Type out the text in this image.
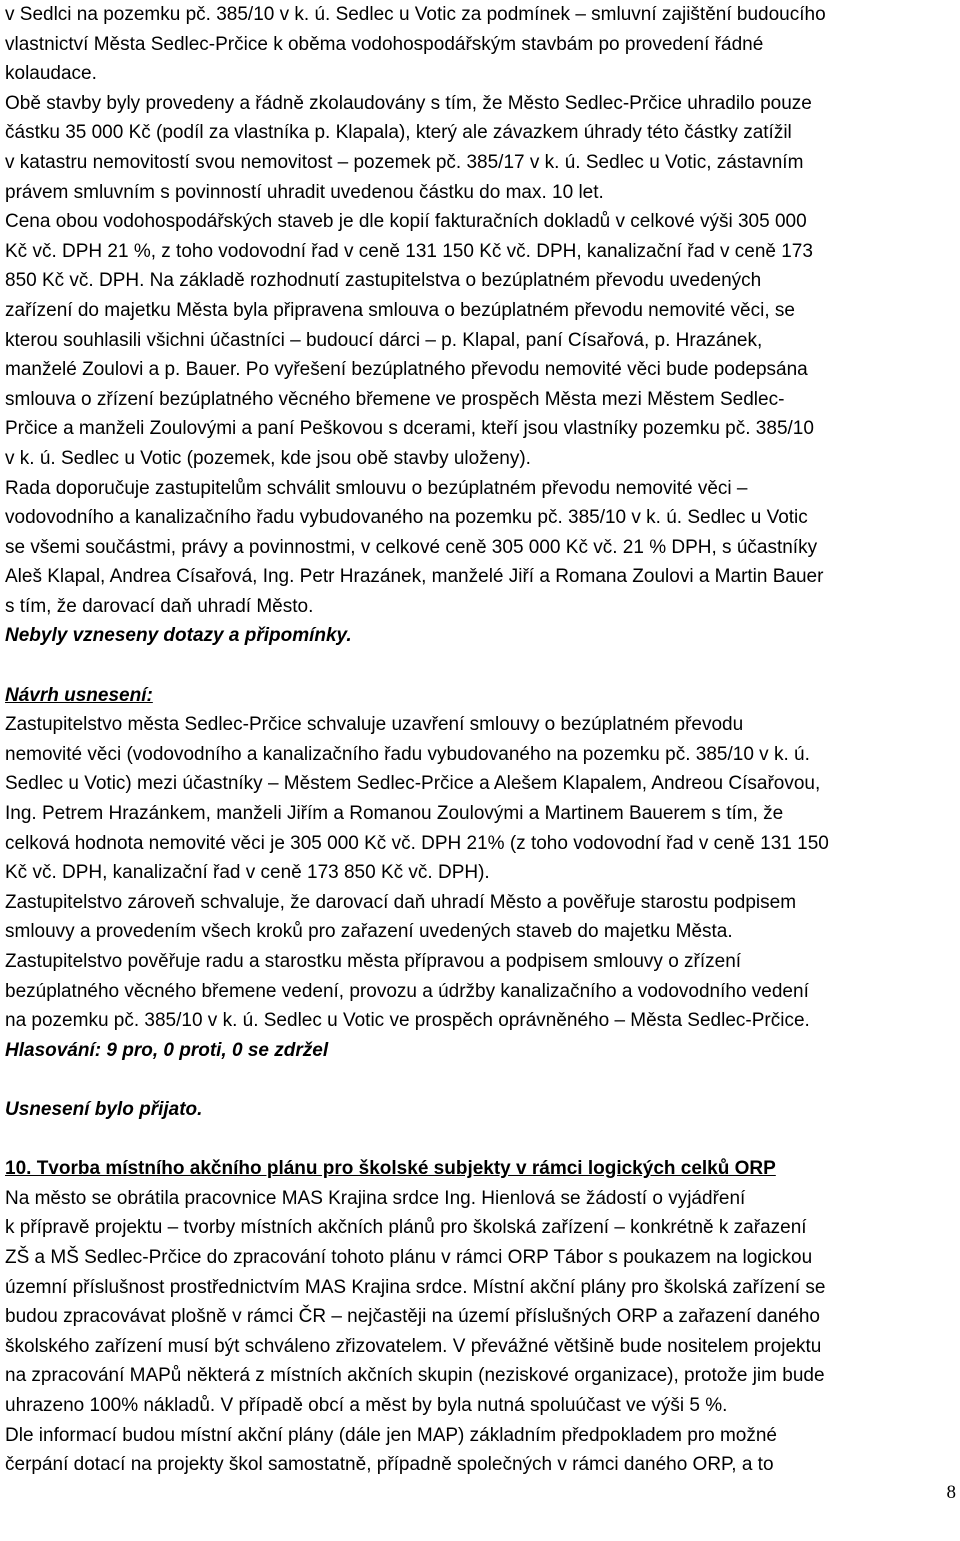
v Sedlci na pozemku pč. 385/10 v k. ú. Sedlec u Votic za podmínek – smluvní zajištění budoucího

vlastnictví Města Sedlec-Prčice k oběma vodohospodářským stavbám po provedení řádné

kolaudace.

Obě stavby byly provedeny a řádně zkolaudovány s tím, že Město Sedlec-Prčice uhradilo pouze

částku 35 000 Kč (podíl za vlastníka p. Klapala), který ale závazkem úhrady této částky zatížil

v katastru nemovitostí svou nemovitost – pozemek pč. 385/17 v k. ú. Sedlec u Votic, zástavním

právem smluvním s povinností uhradit uvedenou částku do max. 10 let.

Cena obou vodohospodářských staveb je dle kopií fakturačních dokladů v celkové výši 305 000

Kč vč. DPH 21 %, z toho vodovodní řad v ceně 131 150 Kč vč. DPH, kanalizační řad v ceně 173

850 Kč vč. DPH. Na základě rozhodnutí zastupitelstva o bezúplatném převodu uvedených

zařízení do majetku Města byla připravena smlouva o bezúplatném převodu nemovité věci, se

kterou souhlasili všichni účastníci – budoucí dárci – p. Klapal, paní Císařová, p. Hrazánek,

manželé Zoulovi a p. Bauer. Po vyřešení bezúplatného převodu nemovité věci bude podepsána

smlouva o zřízení bezúplatného věcného břemene ve prospěch Města mezi Městem Sedlec-

Prčice a manželi Zoulovými a paní Peškovou s dcerami, kteří jsou vlastníky pozemku pč. 385/10

v k. ú. Sedlec u Votic (pozemek, kde jsou obě stavby uloženy).

Rada doporučuje zastupitelům schválit smlouvu o bezúplatném převodu nemovité věci –

vodovodního a kanalizačního řadu vybudovaného na pozemku pč. 385/10 v k. ú. Sedlec u Votic

se všemi součástmi, právy a povinnostmi, v celkové ceně 305 000 Kč vč. 21 % DPH, s účastníky

Aleš Klapal, Andrea Císařová, Ing. Petr Hrazánek, manželé Jiří a Romana Zoulovi a Martin Bauer

s tím, že darovací daň uhradí Město.

Nebyly vzneseny dotazy a připomínky.

Návrh usnesení:

Zastupitelstvo města Sedlec-Prčice schvaluje uzavření smlouvy o bezúplatném převodu

nemovité věci (vodovodního a kanalizačního řadu vybudovaného na pozemku pč. 385/10 v k. ú.

Sedlec u Votic) mezi účastníky – Městem Sedlec-Prčice a Alešem Klapalem, Andreou Císařovou,

Ing. Petrem Hrazánkem, manželi Jiřím a Romanou Zoulovými a Martinem Bauerem s tím, že

celková hodnota nemovité věci je 305 000 Kč vč. DPH 21% (z toho vodovodní řad v ceně 131 150

Kč vč. DPH, kanalizační řad v ceně 173 850 Kč vč. DPH).

Zastupitelstvo zároveň schvaluje, že darovací daň uhradí Město a pověřuje starostu podpisem

smlouvy a provedením všech kroků pro zařazení uvedených staveb do majetku Města.

Zastupitelstvo pověřuje radu a starostku města přípravou a podpisem smlouvy o zřízení

bezúplatného věcného břemene vedení, provozu a údržby kanalizačního a vodovodního vedení

na pozemku pč. 385/10 v k. ú. Sedlec u Votic ve prospěch oprávněného – Města Sedlec-Prčice.

Hlasování: 9 pro, 0 proti, 0 se zdržel

Usnesení bylo přijato.

10. Tvorba místního akčního plánu pro školské subjekty v rámci logických celků ORP

Na město se obrátila pracovnice MAS Krajina srdce Ing. Hienlová se žádostí o vyjádření

k přípravě projektu – tvorby místních akčních plánů pro školská zařízení – konkrétně k zařazení

ZŠ a MŠ Sedlec-Prčice do zpracování tohoto plánu v rámci ORP Tábor s poukazem na logickou

územní příslušnost prostřednictvím MAS Krajina srdce. Místní akční plány pro školská zařízení se

budou zpracovávat plošně v rámci ČR – nejčastěji na území příslušných ORP a zařazení daného

školského zařízení musí být schváleno zřizovatelem. V převážné většině bude nositelem projektu

na zpracování MAPů některá z místních akčních skupin (neziskové organizace), protože jim bude

uhrazeno 100% nákladů. V případě obcí a měst by byla nutná spoluúčast ve výši 5 %.

Dle informací budou místní akční plány (dále jen MAP) základním předpokladem pro možné

čerpání dotací na projekty škol samostatně, případně společných v rámci daného ORP, a to

8
